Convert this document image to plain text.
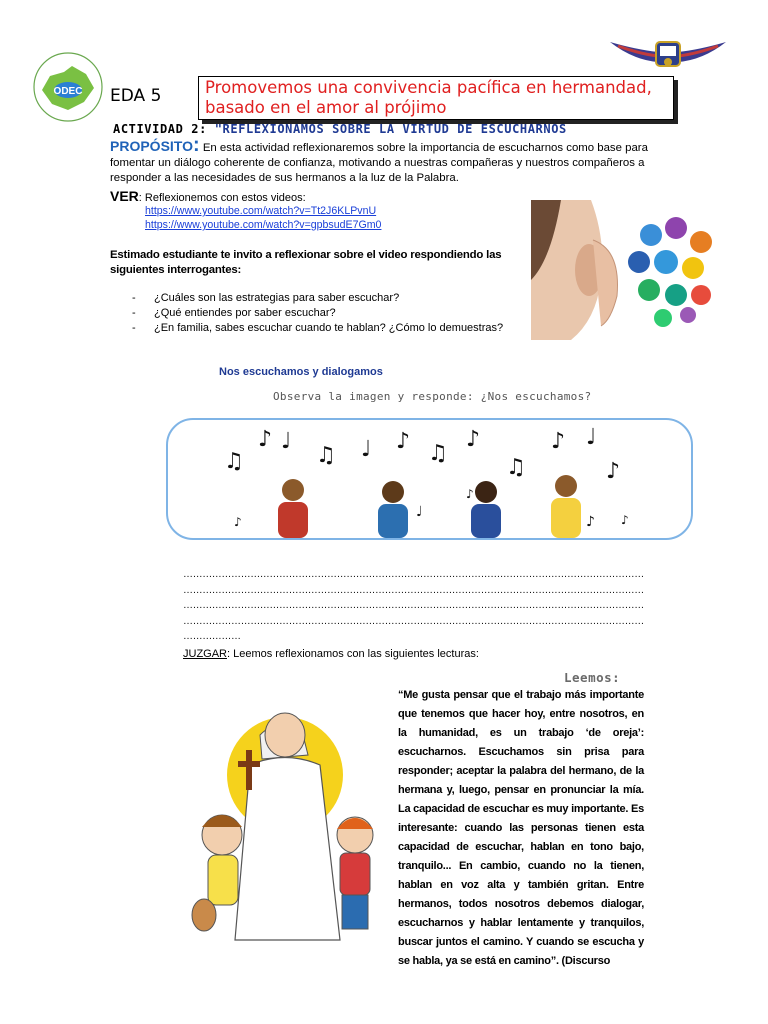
ODEC EDA 5	Promovemos una convivencia pacífica en hermandad, basado en el amor al prójimo
ACTIVIDAD 2: "REFLEXIONAMOS SOBRE LA VIRTUD DE ESCUCHARNOS
PROPÓSITO: En esta actividad reflexionaremos sobre la importancia de escucharnos como base para fomentar un diálogo coherente de confianza, motivando a nuestras compañeras y nuestros compañeros a responder a las necesidades de sus hermanos a la luz de la Palabra.
VER: Reflexionemos con estos videos:
https://www.youtube.com/watch?v=Tt2J6KLPvnU
https://www.youtube.com/watch?v=gpbsudE7Gm0
Estimado estudiante te invito a reflexionar sobre el video respondiendo las siguientes interrogantes:
- ¿Cuáles son las estrategias para saber escuchar?
- ¿Qué entiendes por saber escuchar?
- ¿En familia, sabes escuchar cuando te hablan? ¿Cómo lo demuestras?
Nos escuchamos y dialogamos
Observa la imagen y responde: ¿Nos escuchamos?
♫
♪ ♩
♫ ♩ ♪ ♫
♪
♫
♪ ♩
♪
♪
♩
♪
♪ ♪
………………………………………………………………………………………………………………………………
………………………………………………………………………………………………………………………………
………………………………………………………………………………………………………………………………
………………………………………………………………………………………………………………………………
………………
JUZGAR: Leemos reflexionamos con las siguientes lecturas:
Leemos:
“Me gusta pensar que el trabajo más importante que tenemos que hacer hoy, entre nosotros, en la humanidad, es un trabajo ‘de oreja’: escucharnos. Escuchamos sin prisa para responder; aceptar la palabra del hermano, de la hermana y, luego, pensar en pronunciar la mía. La capacidad de escuchar es muy importante. Es interesante: cuando las personas tienen esta capacidad de escuchar, hablan en tono bajo, tranquilo... En cambio, cuando no la tienen, hablan en voz alta y también gritan. Entre hermanos, todos nosotros debemos dialogar, escucharnos y hablar lentamente y tranquilos, buscar juntos el camino. Y cuando se escucha y se habla, ya se está en camino”. (Discurso
